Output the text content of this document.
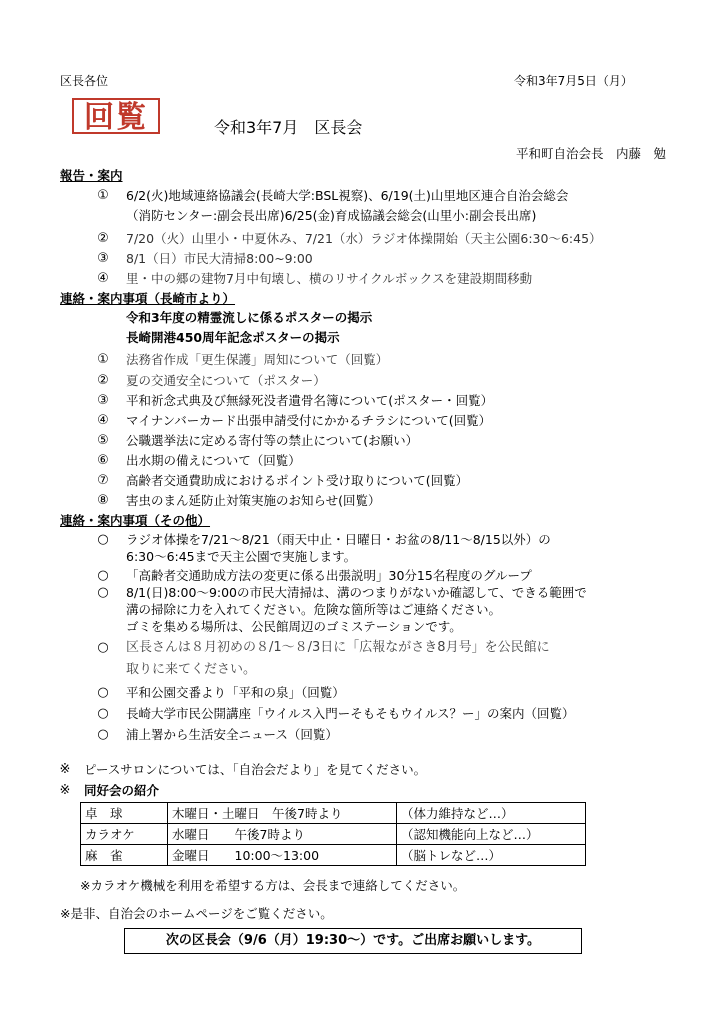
区長各位	令和3年7月5日（月）
回覧	令和3年7月　区長会
平和町自治会長　内藤　勉
報告・案内
① 6/2(火)地域連絡協議会(長崎大学:BSL視察)、6/19(土)山里地区連合自治会総会
（消防センター:副会長出席)6/25(金)育成協議会総会(山里小:副会長出席)
② 7/20（火）山里小・中夏休み、7/21（水）ラジオ体操開始（天主公園6:30〜6:45）
③ 8/1（日）市民大清掃8:00~9:00
④ 里・中の郷の建物7月中旬壊し、横のリサイクルボックスを建設期間移動
連絡・案内事項（長崎市より）
令和3年度の精霊流しに係るポスターの掲示
長崎開港450周年記念ポスターの掲示
① 法務省作成「更生保護」周知について（回覧）
② 夏の交通安全について（ポスター）
③ 平和祈念式典及び無縁死没者遺骨名簿について(ポスター・回覧）
④ マイナンバーカード出張申請受付にかかるチラシについて(回覧）
⑤ 公職選挙法に定める寄付等の禁止について(お願い）
⑥ 出水期の備えについて（回覧）
⑦ 高齢者交通費助成におけるポイント受け取りについて(回覧）
⑧ 害虫のまん延防止対策実施のお知らせ(回覧）
連絡・案内事項（その他）
○ ラジオ体操を7/21〜8/21（雨天中止・日曜日・お盆の8/11〜8/15以外）の
6:30〜6:45まで天主公園で実施します。
○ 「高齢者交通助成方法の変更に係る出張説明」30分15名程度のグループ
○ 8/1(日)8:00〜9:00の市民大清掃は、溝のつまりがないか確認して、できる範囲で
溝の掃除に力を入れてください。危険な箇所等はご連絡ください。
ゴミを集める場所は、公民館周辺のゴミステーションです。
○ 区長さんは８月初めの８/1〜８/3日に「広報ながさき8月号」を公民館に
取りに来てください。
○ 平和公園交番より「平和の泉」（回覧）
○ 長崎大学市民公開講座「ウイルス入門ーそもそもウイルス？ー」の案内（回覧）
○ 浦上署から生活安全ニュース（回覧）
※ ピースサロンについては、「自治会だより」を見てください。
※ 同好会の紹介
卓　球	木曜日・土曜日　午後7時より	（体力維持など…）
カラオケ	水曜日　　午後7時より	（認知機能向上など…）
麻　雀	金曜日　　10:00〜13:00	（脳トレなど…）
※カラオケ機械を利用を希望する方は、会長まで連絡してください。
※是非、自治会のホームページをご覧ください。
次の区長会（9/6（月）19:30〜）です。ご出席お願いします。
